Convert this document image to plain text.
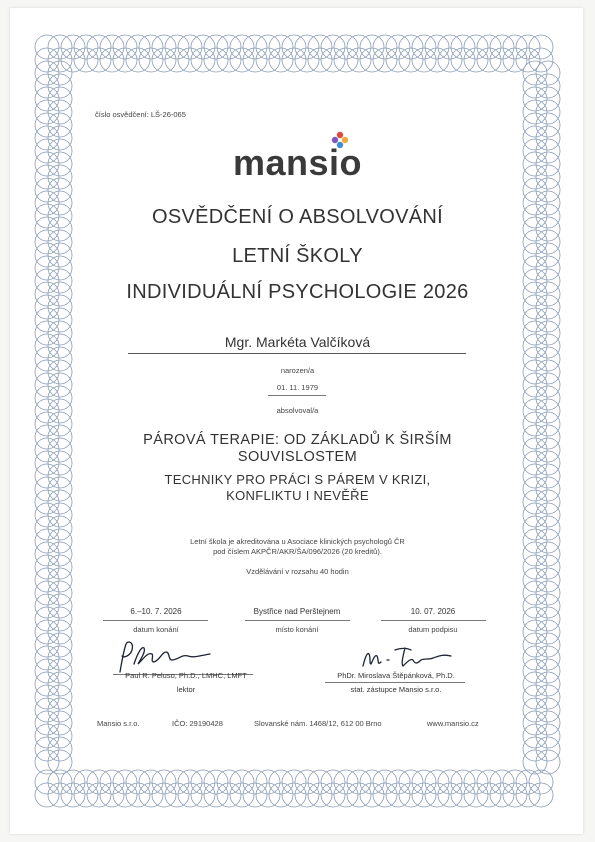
číslo osvědčení: LŠ-26-065
mansio
OSVĚDČENÍ O ABSOLVOVÁNÍ
LETNÍ ŠKOLY
INDIVIDUÁLNÍ PSYCHOLOGIE 2026
Mgr. Markéta Valčíková
narozen/a
01. 11. 1979
absolvoval/a
PÁROVÁ TERAPIE: OD ZÁKLADŮ K ŠIRŠÍM
SOUVISLOSTEM
TECHNIKY PRO PRÁCI S PÁREM V KRIZI,
KONFLIKTU I NEVĚŘE
Letní škola je akreditována u Asociace klinických psychologů ČR
pod číslem AKPČR/AKR/ŠA/096/2026 (20 kreditů).
Vzdělávání v rozsahu 40 hodin
6.–10. 7. 2026
datum konání
Bystřice nad Perštejnem
místo konání
10. 07. 2026
datum podpisu
Paul R. Peluso, Ph.D., LMHC, LMFT
lektor
PhDr. Miroslava Štěpánková, Ph.D.
stat. zástupce Mansio s.r.o.
Mansio s.r.o.	IČO: 29190428	Slovanské nám. 1468/12, 612 00 Brno	www.mansio.cz
